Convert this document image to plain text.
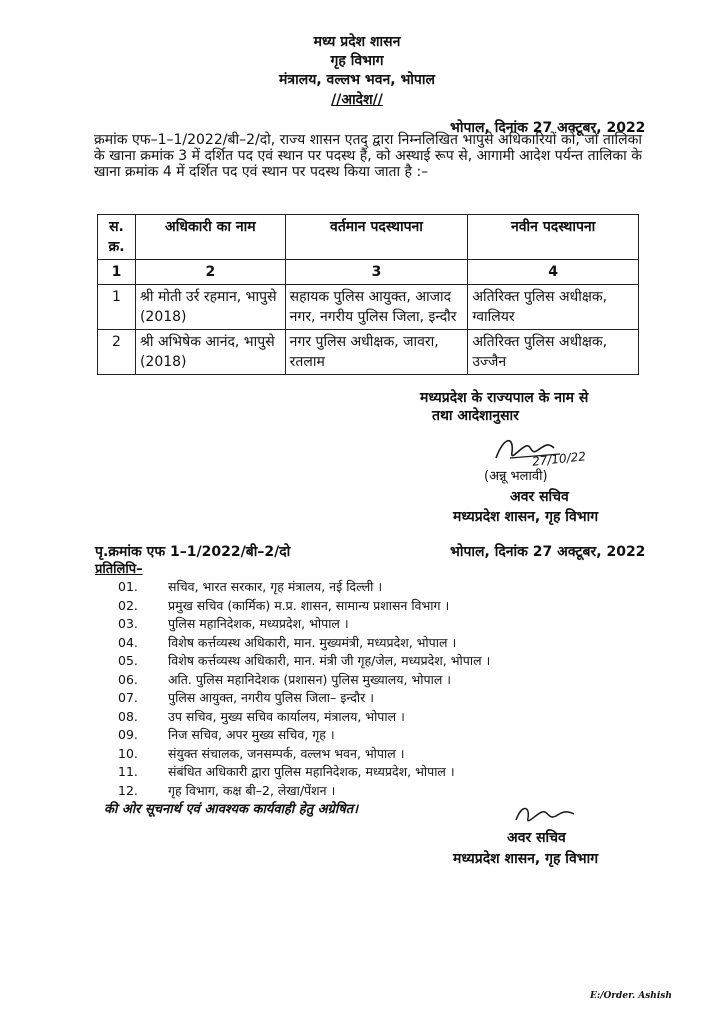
मध्य प्रदेश शासन
गृह विभाग
मंत्रालय, वल्लभ भवन, भोपाल
//आदेश//
भोपाल, दिनांक 27 अक्टूबर, 2022
क्रमांक एफ–1–1/2022/बी–2/दो, राज्य शासन एतद् द्वारा निम्नलिखित भापुसे अधिकारियों को, जो तालिका के खाना क्रमांक 3 में दर्शित पद एवं स्थान पर पदस्थ हैं, को अस्थाई रूप से, आगामी आदेश पर्यन्त तालिका के खाना क्रमांक 4 में दर्शित पद एवं स्थान पर पदस्थ किया जाता है :–
स. क्र.	अधिकारी का नाम	वर्तमान पदस्थापना	नवीन पदस्थापना
1	2	3	4
1	श्री मोती उर्र रहमान, भापुसे (2018)	सहायक पुलिस आयुक्त, आजाद नगर, नगरीय पुलिस जिला, इन्दौर	अतिरिक्त पुलिस अधीक्षक, ग्वालियर
2	श्री अभिषेक आनंद, भापुसे (2018)	नगर पुलिस अधीक्षक, जावरा, रतलाम	अतिरिक्त पुलिस अधीक्षक, उज्जैन
मध्यप्रदेश के राज्यपाल के नाम से
तथा आदेशानुसार
27/10/22
(अन्नू भलावी)
अवर सचिव
मध्यप्रदेश शासन, गृह विभाग
पृ.क्रमांक एफ 1–1/2022/बी–2/दो	भोपाल, दिनांक 27 अक्टूबर, 2022
प्रतिलिपि–
01. सचिव, भारत सरकार, गृह मंत्रालय, नई दिल्ली ।
02. प्रमुख सचिव (कार्मिक) म.प्र. शासन, सामान्य प्रशासन विभाग ।
03. पुलिस महानिदेशक, मध्यप्रदेश, भोपाल ।
04. विशेष कर्त्तव्यस्थ अधिकारी, मान. मुख्यमंत्री, मध्यप्रदेश, भोपाल ।
05. विशेष कर्त्तव्यस्थ अधिकारी, मान. मंत्री जी गृह/जेल, मध्यप्रदेश, भोपाल ।
06. अति. पुलिस महानिदेशक (प्रशासन) पुलिस मुख्यालय, भोपाल ।
07. पुलिस आयुक्त, नगरीय पुलिस जिला– इन्दौर ।
08. उप सचिव, मुख्य सचिव कार्यालय, मंत्रालय, भोपाल ।
09. निज सचिव, अपर मुख्य सचिव, गृह ।
10. संयुक्त संचालक, जनसम्पर्क, वल्लभ भवन, भोपाल ।
11. संबंधित अधिकारी द्वारा पुलिस महानिदेशक, मध्यप्रदेश, भोपाल ।
12. गृह विभाग, कक्ष बी–2, लेखा/पेंशन ।
की ओर सूचनार्थ एवं आवश्यक कार्यवाही हेतु अग्रेषित।
अवर सचिव
मध्यप्रदेश शासन, गृह विभाग
E:/Order. Ashish
